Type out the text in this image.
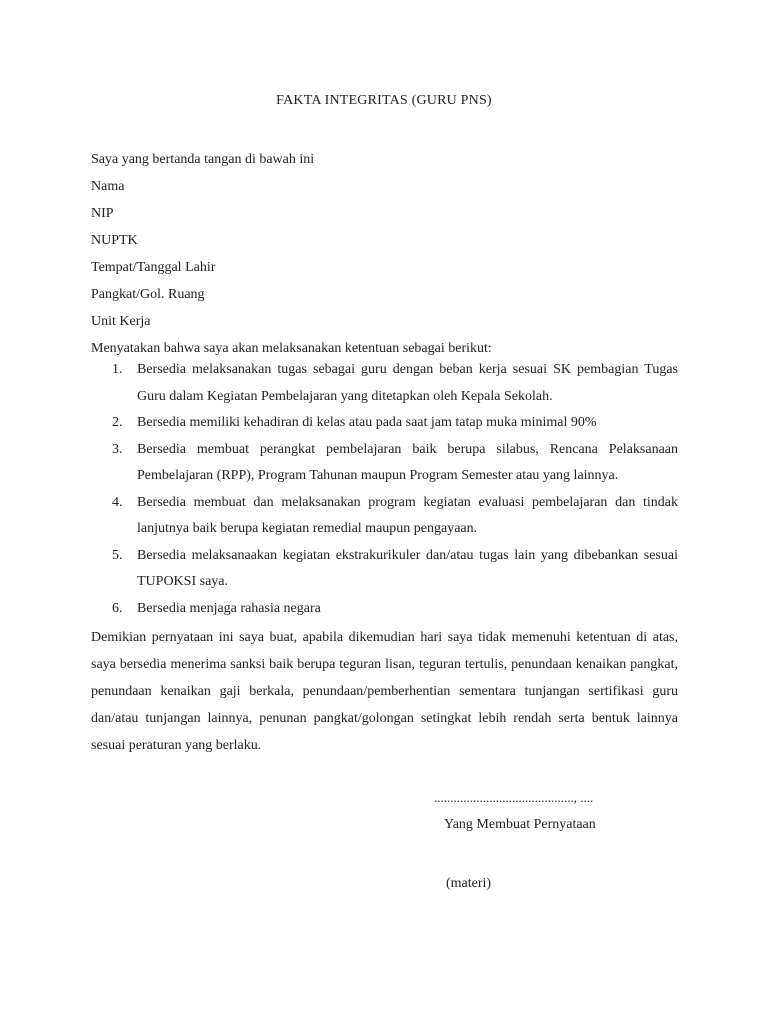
FAKTA INTEGRITAS (GURU PNS)
Saya yang bertanda tangan di bawah ini
Nama
NIP
NUPTK
Tempat/Tanggal Lahir
Pangkat/Gol. Ruang
Unit Kerja
Menyatakan bahwa saya akan melaksanakan ketentuan sebagai berikut:
1. Bersedia melaksanakan tugas sebagai guru dengan beban kerja sesuai SK pembagian Tugas Guru dalam Kegiatan Pembelajaran yang ditetapkan oleh Kepala Sekolah.
2. Bersedia memiliki kehadiran di kelas atau pada saat jam tatap muka minimal 90%
3. Bersedia membuat perangkat pembelajaran baik berupa silabus, Rencana Pelaksanaan Pembelajaran (RPP), Program Tahunan maupun Program Semester atau yang lainnya.
4. Bersedia membuat dan melaksanakan program kegiatan evaluasi pembelajaran dan tindak lanjutnya baik berupa kegiatan remedial maupun pengayaan.
5. Bersedia melaksanaakan kegiatan ekstrakurikuler dan/atau tugas lain yang dibebankan sesuai TUPOKSI saya.
6. Bersedia menjaga rahasia negara
Demikian pernyataan ini saya buat, apabila dikemudian hari saya tidak memenuhi ketentuan di atas, saya bersedia menerima sanksi baik berupa teguran lisan, teguran tertulis, penundaan kenaikan pangkat, penundaan kenaikan gaji berkala, penundaan/pemberhentian sementara tunjangan sertifikasi guru dan/atau tunjangan lainnya, penunan pangkat/golongan setingkat lebih rendah serta bentuk lainnya sesuai peraturan yang berlaku.
..........................................., ....
Yang Membuat Pernyataan
(materi)
